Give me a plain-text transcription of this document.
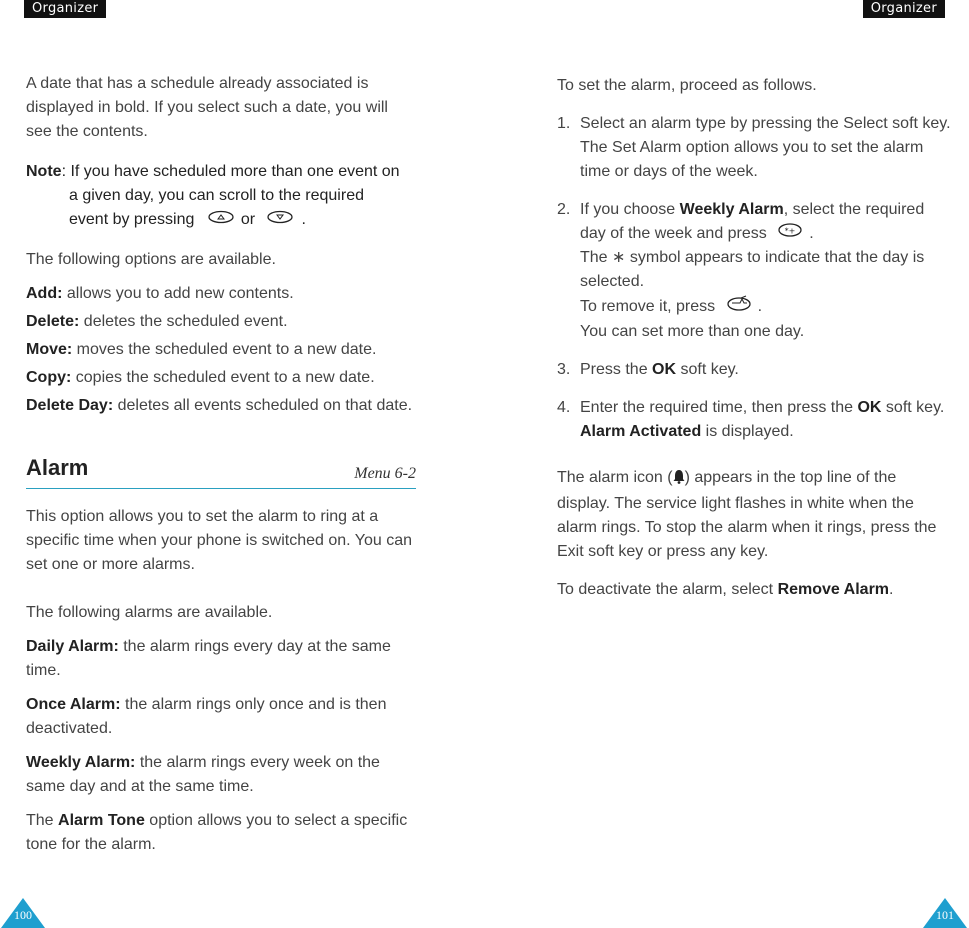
Organizer

A date that has a schedule already associated is displayed in bold. If you select such a date, you will see the contents.

Note: If you have scheduled more than one event on
a given day, you can scroll to the required
event by pressing	or	.

The following options are available.

Add: allows you to add new contents.

Delete: deletes the scheduled event.

Move: moves the scheduled event to a new date.

Copy: copies the scheduled event to a new date.

Delete Day: deletes all events scheduled on that date.

Alarm	Menu 6-2

This option allows you to set the alarm to ring at a specific time when your phone is switched on. You can set one or more alarms.

The following alarms are available.

Daily Alarm: the alarm rings every day at the same time.

Once Alarm: the alarm rings only once and is then deactivated.

Weekly Alarm: the alarm rings every week on the same day and at the same time.

The Alarm Tone option allows you to select a specific tone for the alarm.

100
Organizer

To set the alarm, proceed as follows.

1. Select an alarm type by pressing the Select soft key.
The Set Alarm option allows you to set the alarm time or days of the week.
2. If you choose Weekly Alarm, select the required day of the week and press *+ .
The ∗ symbol appears to indicate that the day is selected.
To remove it, press	.
You can set more than one day.
3. Press the OK soft key.
4. Enter the required time, then press the OK soft key.
Alarm Activated is displayed.

The alarm icon ( ) appears in the top line of the display. The service light flashes in white when the alarm rings. To stop the alarm when it rings, press the Exit soft key or press any key.

To deactivate the alarm, select Remove Alarm.

101
